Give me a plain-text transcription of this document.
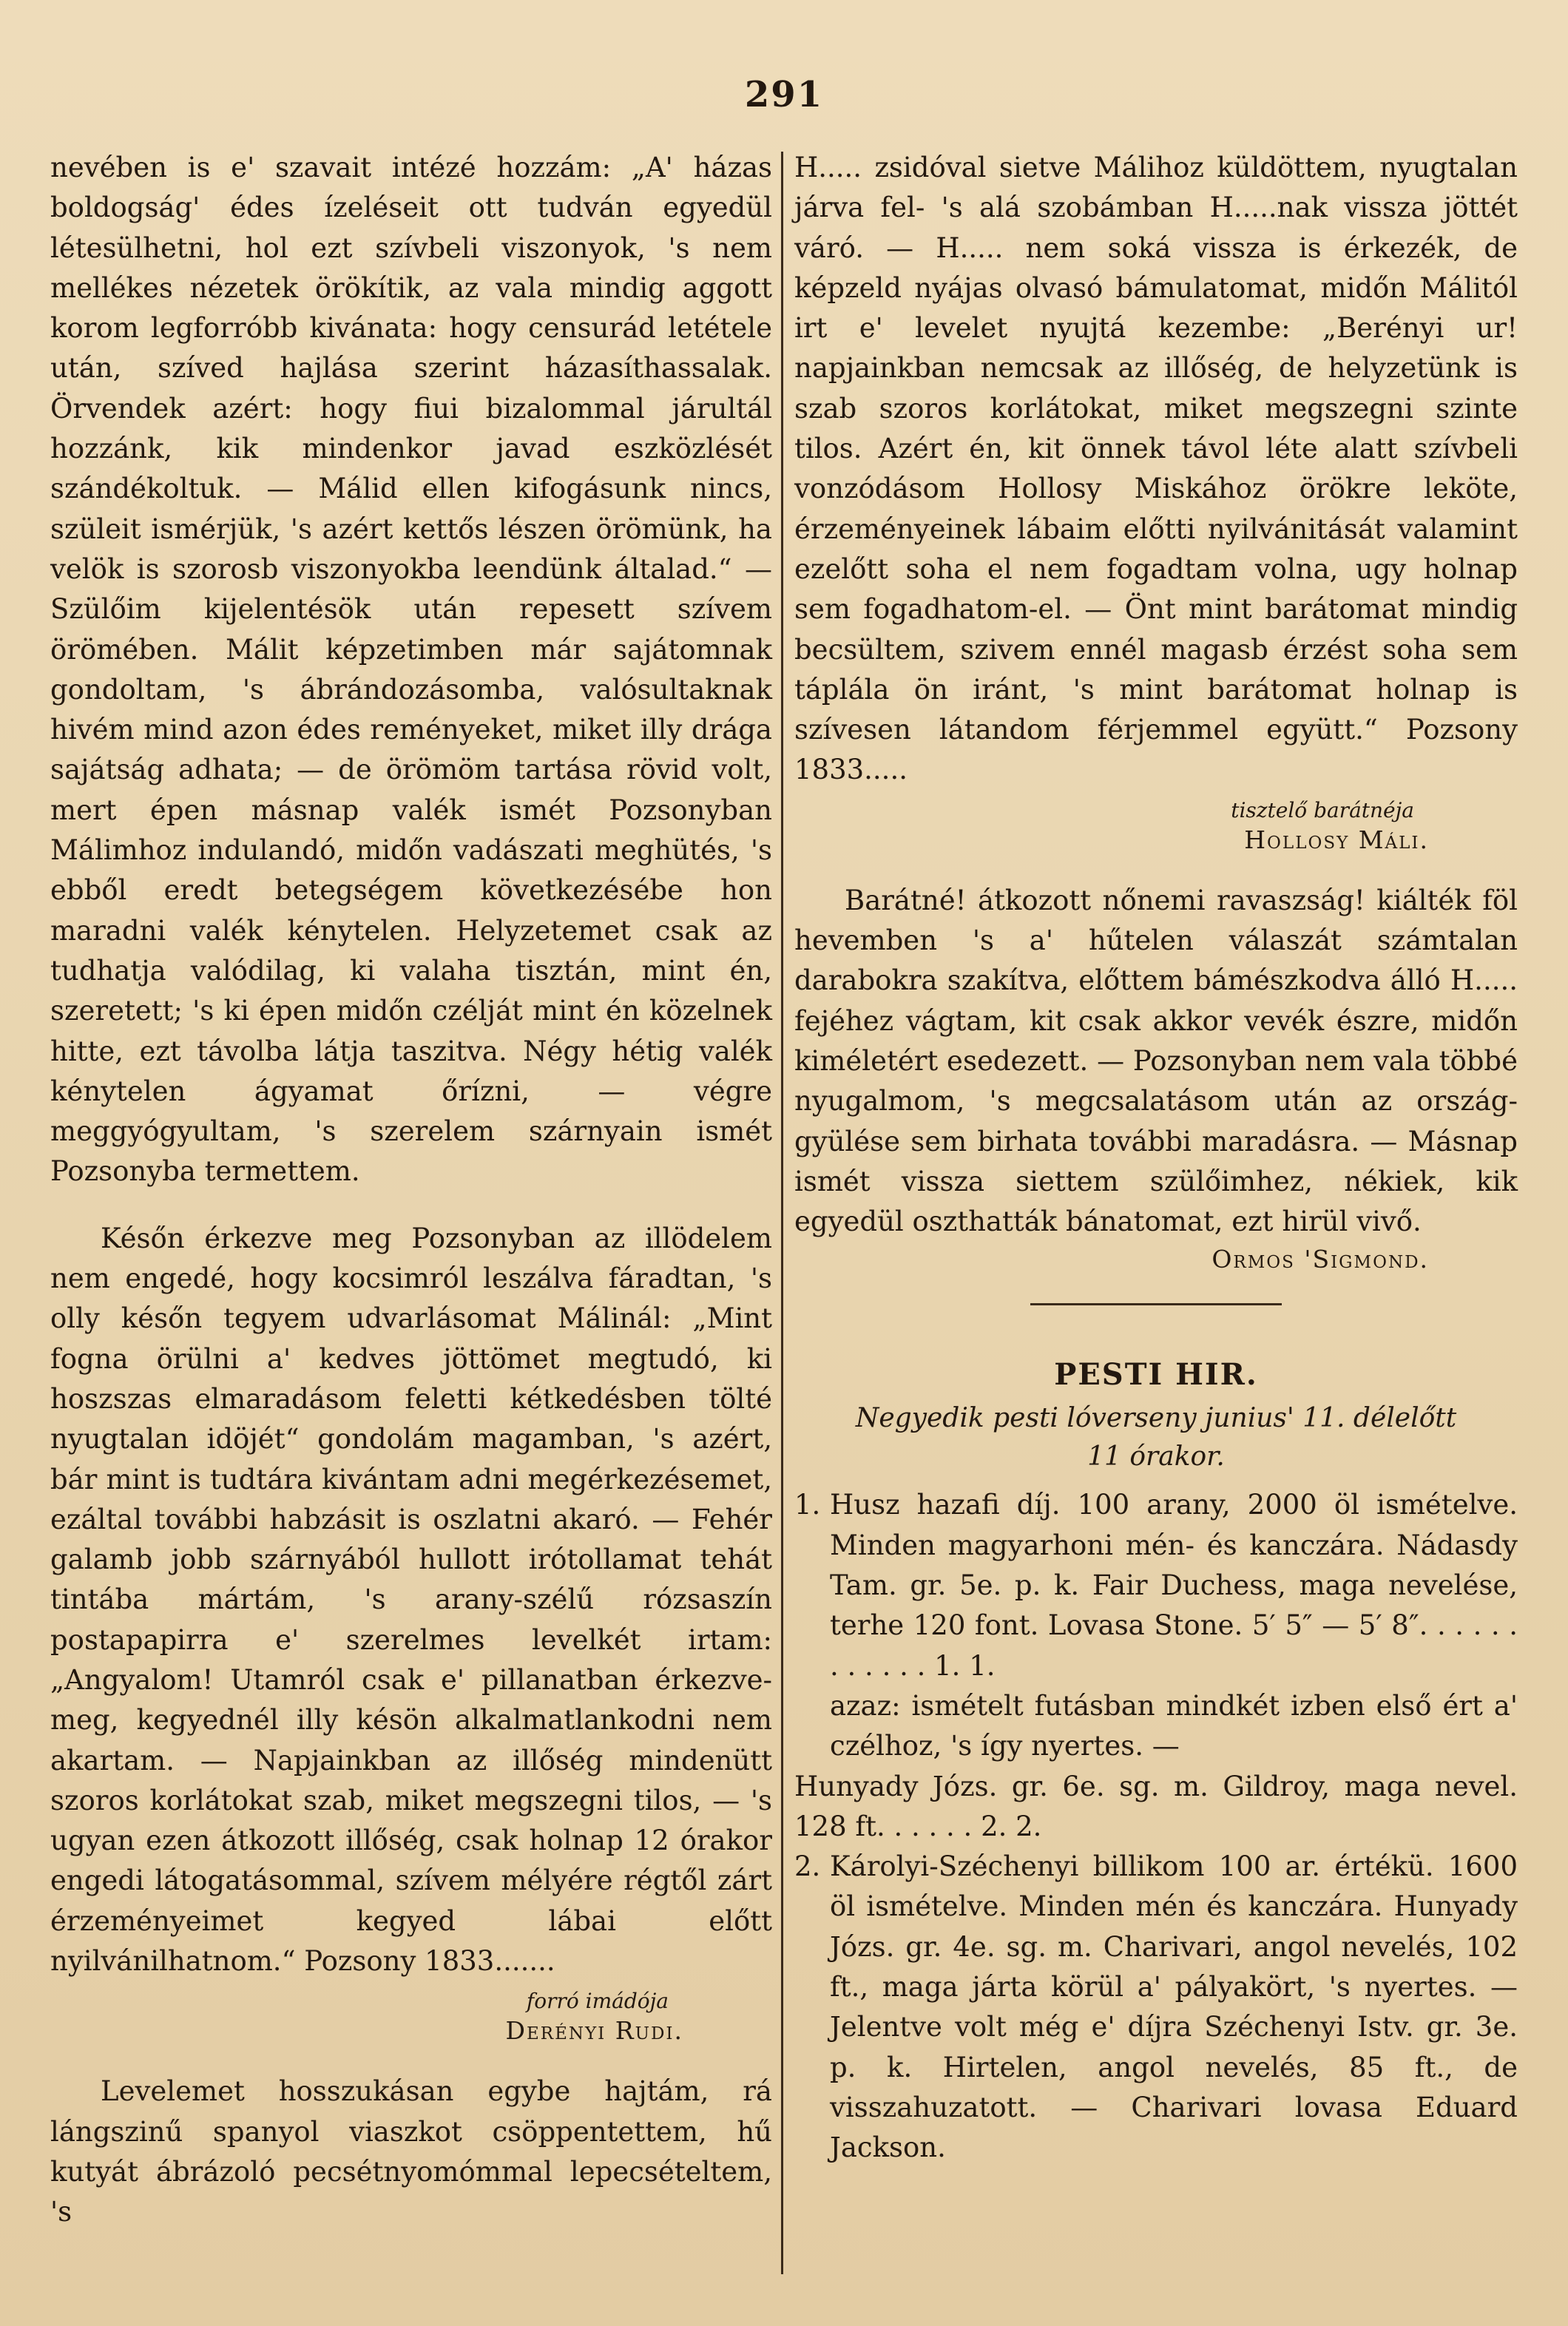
291

nevében is e' szavait intézé hozzám: „A' házas boldogság' édes ízeléseit ott tudván egyedül létesülhetni, hol ezt szívbeli viszonyok, 's nem mellékes nézetek örökítik, az vala mindig aggott korom legforróbb kivánata: hogy censurád letétele után, szíved hajlása szerint házasíthassalak. Örvendek azért: hogy fiui bizalommal járultál hozzánk, kik mindenkor javad eszközlését szándékoltuk. — Málid ellen kifogásunk nincs, szüleit ismérjük, 's azért kettős lészen örömünk, ha velök is szorosb viszonyokba leendünk általad.“ — Szülőim kijelentésök után repesett szívem örömében. Málit képzetimben már sajátomnak gondoltam, 's ábrándozásomba, valósultaknak hivém mind azon édes reményeket, miket illy drága sajátság adhata; — de örömöm tartása rövid volt, mert épen másnap valék ismét Pozsonyban Málimhoz indulandó, midőn vadászati meghütés, 's ebből eredt betegségem következésébe hon maradni valék kénytelen. Helyzetemet csak az tudhatja valódilag, ki valaha tisztán, mint én, szeretett; 's ki épen midőn czélját mint én közelnek hitte, ezt távolba látja taszitva. Négy hétig valék kénytelen ágyamat őrízni, — végre meggyógyultam, 's szerelem szárnyain ismét Pozsonyba termettem.

Későn érkezve meg Pozsonyban az illödelem nem engedé, hogy kocsimról leszálva fáradtan, 's olly későn tegyem udvarlásomat Málinál: „Mint fogna örülni a' kedves jöttömet megtudó, ki hoszszas elmaradásom feletti kétkedésben tölté nyugtalan idöjét“ gondolám magamban, 's azért, bár mint is tudtára kivántam adni megérkezésemet, ezáltal további habzásit is oszlatni akaró. — Fehér galamb jobb szárnyából hullott irótollamat tehát tintába mártám, 's arany-szélű rózsaszín postapapirra e' szerelmes levelkét irtam: „Angyalom! Utamról csak e' pillanatban érkezve-meg, kegyednél illy késön alkalmatlankodni nem akartam. — Napjainkban az illőség mindenütt szoros korlátokat szab, miket megszegni tilos, — 's ugyan ezen átkozott illőség, csak holnap 12 órakor engedi látogatásommal, szívem mélyére régtől zárt érzeményeimet kegyed lábai előtt nyilvánilhatnom.“ Pozsony 1833.......

forró imádója
Derényi Rudi.

Levelemet hosszukásan egybe hajtám, rá lángszinű spanyol viaszkot csöppentettem, hű kutyát ábrázoló pecsétnyomómmal lepecsételtem, 's

H..... zsidóval sietve Málihoz küldöttem, nyugtalan járva fel- 's alá szobámban H.....nak vissza jöttét váró. — H..... nem soká vissza is érkezék, de képzeld nyájas olvasó bámulatomat, midőn Málitól irt e' levelet nyujtá kezembe: „Berényi ur! napjainkban nemcsak az illőség, de helyzetünk is szab szoros korlátokat, miket megszegni szinte tilos. Azért én, kit önnek távol léte alatt szívbeli vonzódásom Hollosy Miskához örökre leköte, érzeményeinek lábaim előtti nyilvánitását valamint ezelőtt soha el nem fogadtam volna, ugy holnap sem fogadhatom-el. — Önt mint barátomat mindig becsültem, szivem ennél magasb érzést soha sem táplála ön iránt, 's mint barátomat holnap is szívesen látandom férjemmel együtt.“ Pozsony 1833.....

tisztelő barátnéja
Hollosy Máli.

Barátné! átkozott nőnemi ravaszság! kiálték föl hevemben 's a' hűtelen válaszát számtalan darabokra szakítva, előttem bámészkodva álló H..... fejéhez vágtam, kit csak akkor vevék észre, midőn kiméletért esedezett. — Pozsonyban nem vala többé nyugalmom, 's megcsalatásom után az ország-gyülése sem birhata további maradásra. — Másnap ismét vissza siettem szülőimhez, nékiek, kik egyedül oszthatták bánatomat, ezt hirül vivő.

Ormos 'Sigmond.
PESTI HIR.
Negyedik pesti lóverseny junius' 11. délelőtt
11 órakor.
1. Husz hazafi díj. 100 arany, 2000 öl ismételve. Minden magyarhoni mén- és kanczára. Nádasdy Tam. gr. 5e. p. k. Fair Duchess, maga nevelése, terhe 120 font. Lovasa Stone. 5′ 5″ — 5′ 8″. . . . . . . . . . . . 1. 1.
azaz: ismételt futásban mindkét izben első ért a' czélhoz, 's így nyertes. —
Hunyady Józs. gr. 6e. sg. m. Gildroy, maga nevel. 128 ft. . . . . . 2. 2.
2. Károlyi-Széchenyi billikom 100 ar. értékü. 1600 öl ismételve. Minden mén és kanczára. Hunyady Józs. gr. 4e. sg. m. Charivari, angol nevelés, 102 ft., maga járta körül a' pályakört, 's nyertes. — Jelentve volt még e' díjra Széchenyi Istv. gr. 3e. p. k. Hirtelen, angol nevelés, 85 ft., de visszahuzatott. — Charivari lovasa Eduard Jackson.
